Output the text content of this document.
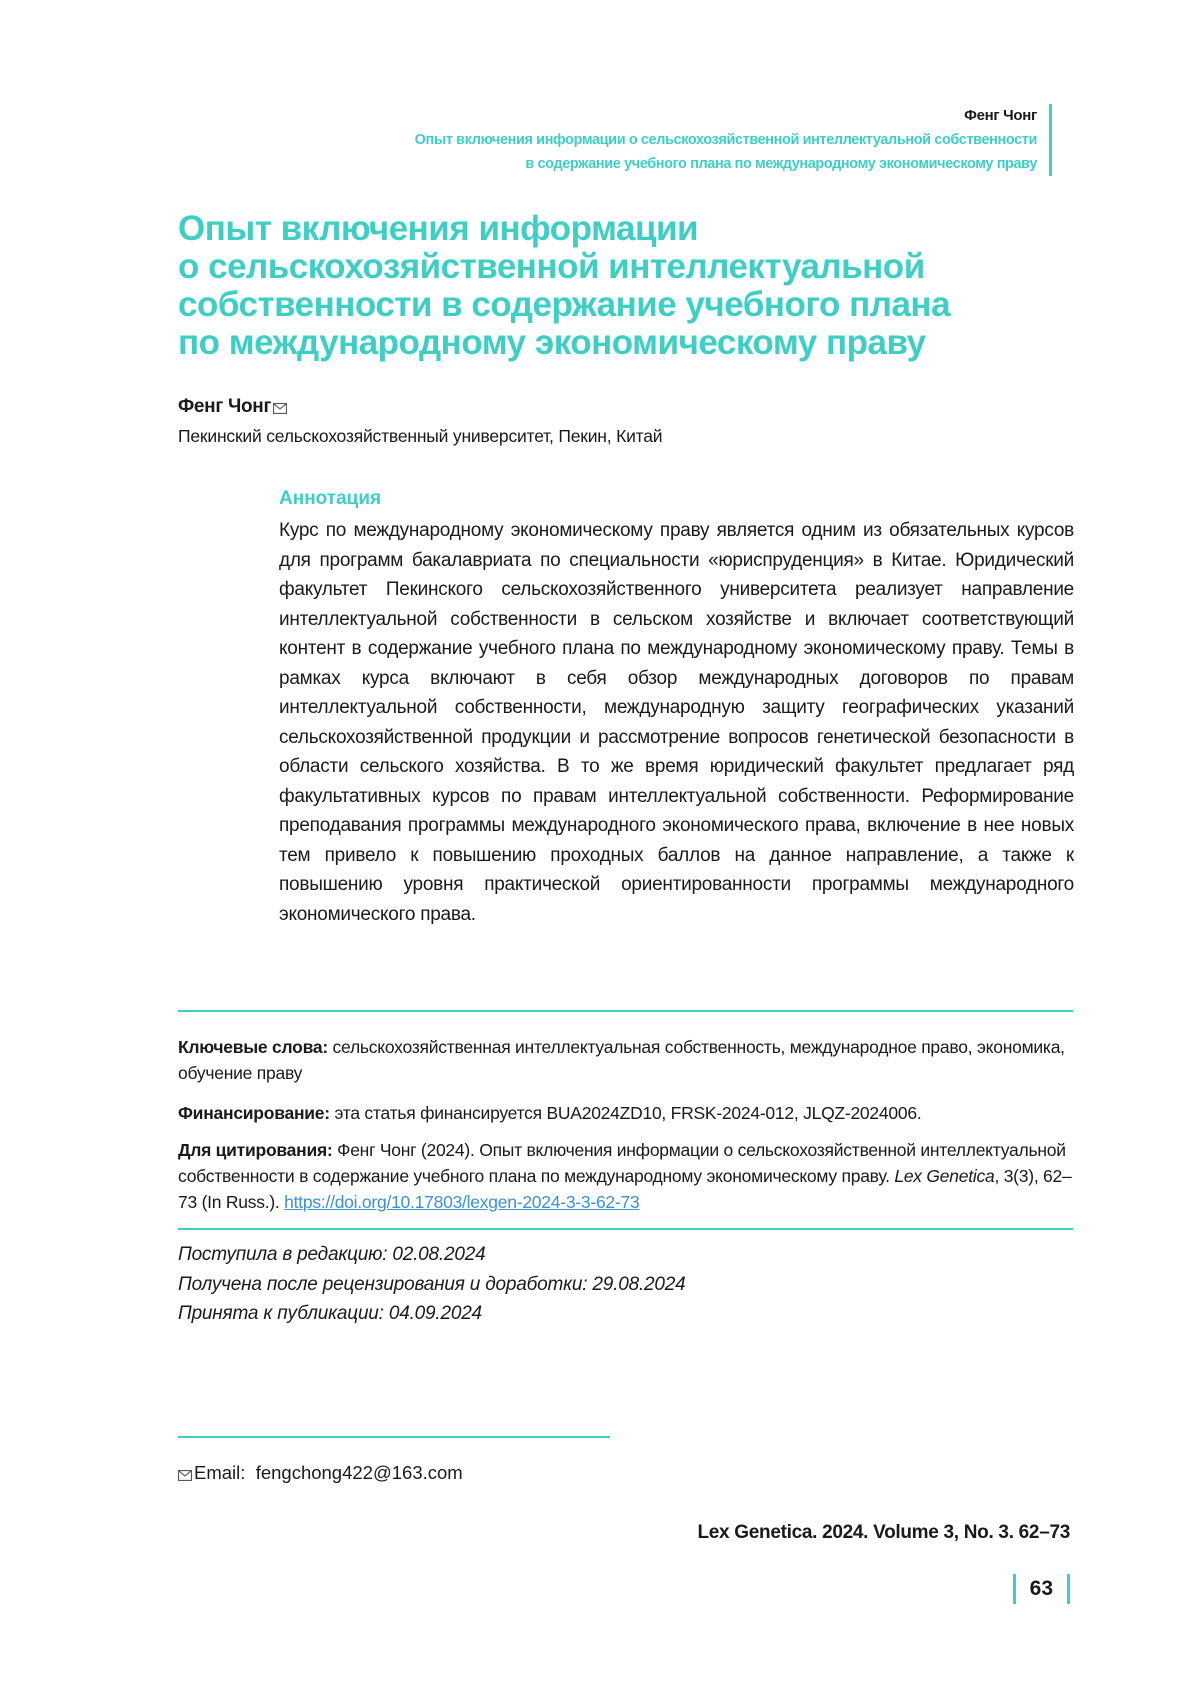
Фенг Чонг
Опыт включения информации о сельскохозяйственной интеллектуальной собственности
в содержание учебного плана по международному экономическому праву
Опыт включения информации
о сельскохозяйственной интеллектуальной
собственности в содержание учебного плана
по международному экономическому праву
Фенг Чонг
Пекинский сельскохозяйственный университет, Пекин, Китай
Аннотация

Курс по международному экономическому праву является одним из обязательных курсов для программ бакалавриата по специальности «юриспруденция» в Китае. Юридический факультет Пекинского сельскохозяйственного университета реализует направление интеллектуальной собственности в сельском хозяйстве и включает соответствующий контент в содержание учебного плана по международному экономическому праву. Темы в рамках курса включают в себя обзор международных договоров по правам интеллектуальной собственности, международную защиту географических указаний сельскохозяйственной продукции и рассмотрение вопросов генетической безопасности в области сельского хозяйства. В то же время юридический факультет предлагает ряд факультативных курсов по правам интеллектуальной собственности. Реформирование преподавания программы международного экономического права, включение в нее новых тем привело к повышению проходных баллов на данное направление, а также к повышению уровня практической ориентированности программы международного экономического права.

Ключевые слова: сельскохозяйственная интеллектуальная собственность, международное право, экономика, обучение праву

Финансирование: эта статья финансируется BUA2024ZD10, FRSK-2024-012, JLQZ-2024006.

Для цитирования: Фенг Чонг (2024). Опыт включения информации о сельскохозяйственной интеллектуальной собственности в содержание учебного плана по международному экономическому праву. Lex Genetica, 3(3), 62–73 (In Russ.). https://doi.org/10.17803/lexgen-2024-3-3-62-73

Поступила в редакцию: 02.08.2024
Получена после рецензирования и доработки: 29.08.2024
Принята к публикации: 04.09.2024
Email: fengchong422@163.com
Lex Genetica. 2024. Volume 3, No. 3. 62–73
63
